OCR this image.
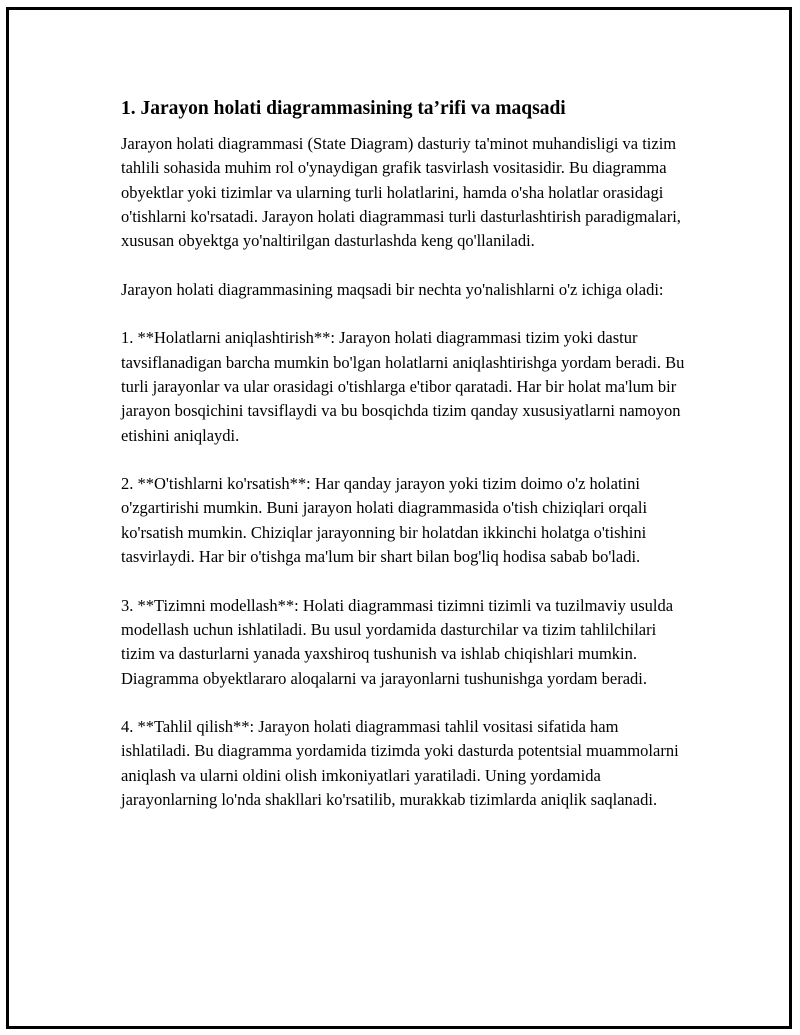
1. Jarayon holati diagrammasining ta’rifi va maqsadi

Jarayon holati diagrammasi (State Diagram) dasturiy ta'minot muhandisligi va tizim tahlili sohasida muhim rol o'ynaydigan grafik tasvirlash vositasidir. Bu diagramma obyektlar yoki tizimlar va ularning turli holatlarini, hamda o'sha holatlar orasidagi o'tishlarni ko'rsatadi. Jarayon holati diagrammasi turli dasturlashtirish paradigmalari, xususan obyektga yo'naltirilgan dasturlashda keng qo'llaniladi.

Jarayon holati diagrammasining maqsadi bir nechta yo'nalishlarni o'z ichiga oladi:

1. **Holatlarni aniqlashtirish**: Jarayon holati diagrammasi tizim yoki dastur tavsiflanadigan barcha mumkin bo'lgan holatlarni aniqlashtirishga yordam beradi. Bu turli jarayonlar va ular orasidagi o'tishlarga e'tibor qaratadi. Har bir holat ma'lum bir jarayon bosqichini tavsiflaydi va bu bosqichda tizim qanday xususiyatlarni namoyon etishini aniqlaydi.

2. **O'tishlarni ko'rsatish**: Har qanday jarayon yoki tizim doimo o'z holatini o'zgartirishi mumkin. Buni jarayon holati diagrammasida o'tish chiziqlari orqali ko'rsatish mumkin. Chiziqlar jarayonning bir holatdan ikkinchi holatga o'tishini tasvirlaydi. Har bir o'tishga ma'lum bir shart bilan bog'liq hodisa sabab bo'ladi.

3. **Tizimni modellash**: Holati diagrammasi tizimni tizimli va tuzilmaviy usulda modellash uchun ishlatiladi. Bu usul yordamida dasturchilar va tizim tahlilchilari tizim va dasturlarni yanada yaxshiroq tushunish va ishlab chiqishlari mumkin. Diagramma obyektlararo aloqalarni va jarayonlarni tushunishga yordam beradi.

4. **Tahlil qilish**: Jarayon holati diagrammasi tahlil vositasi sifatida ham ishlatiladi. Bu diagramma yordamida tizimda yoki dasturda potentsial muammolarni aniqlash va ularni oldini olish imkoniyatlari yaratiladi. Uning yordamida jarayonlarning lo'nda shakllari ko'rsatilib, murakkab tizimlarda aniqlik saqlanadi.
